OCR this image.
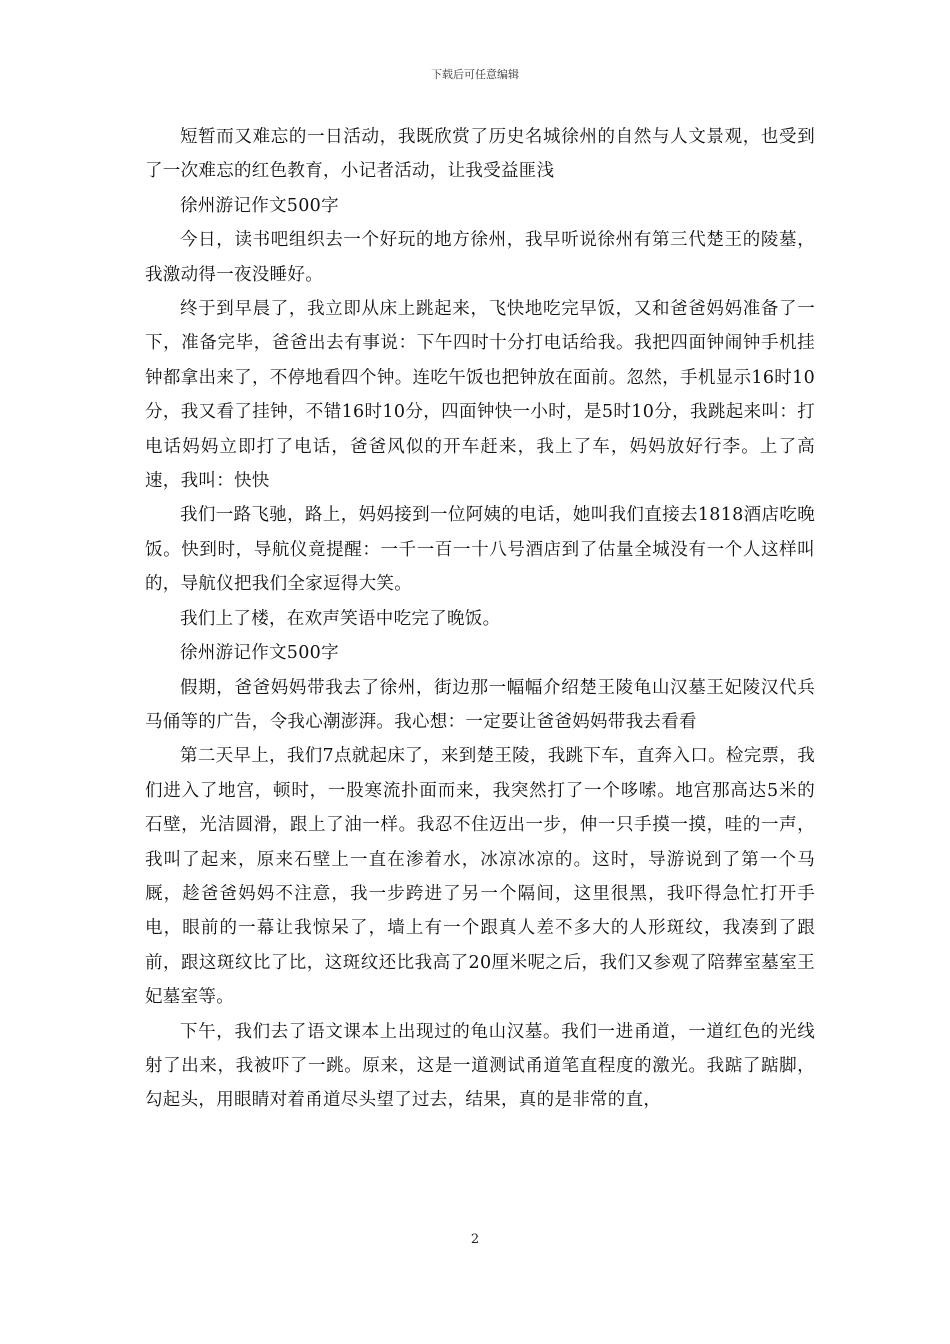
下载后可任意编辑

短暂而又难忘的一日活动，我既欣赏了历史名城徐州的自然与人文景观，也受到了一次难忘的红色教育，小记者活动，让我受益匪浅

徐州游记作文500字

今日，读书吧组织去一个好玩的地方徐州，我早听说徐州有第三代楚王的陵墓，我激动得一夜没睡好。

终于到早晨了，我立即从床上跳起来，飞快地吃完早饭，又和爸爸妈妈准备了一下，准备完毕，爸爸出去有事说：下午四时十分打电话给我。我把四面钟闹钟手机挂钟都拿出来了，不停地看四个钟。连吃午饭也把钟放在面前。忽然，手机显示16时10分，我又看了挂钟，不错16时10分，四面钟快一小时，是5时10分，我跳起来叫：打电话妈妈立即打了电话，爸爸风似的开车赶来，我上了车，妈妈放好行李。上了高速，我叫：快快

我们一路飞驰，路上，妈妈接到一位阿姨的电话，她叫我们直接去1818酒店吃晚饭。快到时，导航仪竟提醒：一千一百一十八号酒店到了估量全城没有一个人这样叫的，导航仪把我们全家逗得大笑。

我们上了楼，在欢声笑语中吃完了晚饭。

徐州游记作文500字

假期，爸爸妈妈带我去了徐州，街边那一幅幅介绍楚王陵龟山汉墓王妃陵汉代兵马俑等的广告，令我心潮澎湃。我心想：一定要让爸爸妈妈带我去看看

第二天早上，我们7点就起床了，来到楚王陵，我跳下车，直奔入口。检完票，我们进入了地宫，顿时，一股寒流扑面而来，我突然打了一个哆嗦。地宫那高达5米的石壁，光洁圆滑，跟上了油一样。我忍不住迈出一步，伸一只手摸一摸，哇的一声，我叫了起来，原来石壁上一直在渗着水，冰凉冰凉的。这时，导游说到了第一个马厩，趁爸爸妈妈不注意，我一步跨进了另一个隔间，这里很黑，我吓得急忙打开手电，眼前的一幕让我惊呆了，墙上有一个跟真人差不多大的人形斑纹，我凑到了跟前，跟这斑纹比了比，这斑纹还比我高了20厘米呢之后，我们又参观了陪葬室墓室王妃墓室等。

下午，我们去了语文课本上出现过的龟山汉墓。我们一进甬道，一道红色的光线射了出来，我被吓了一跳。原来，这是一道测试甬道笔直程度的激光。我踮了踮脚，勾起头，用眼睛对着甬道尽头望了过去，结果，真的是非常的直，

2
